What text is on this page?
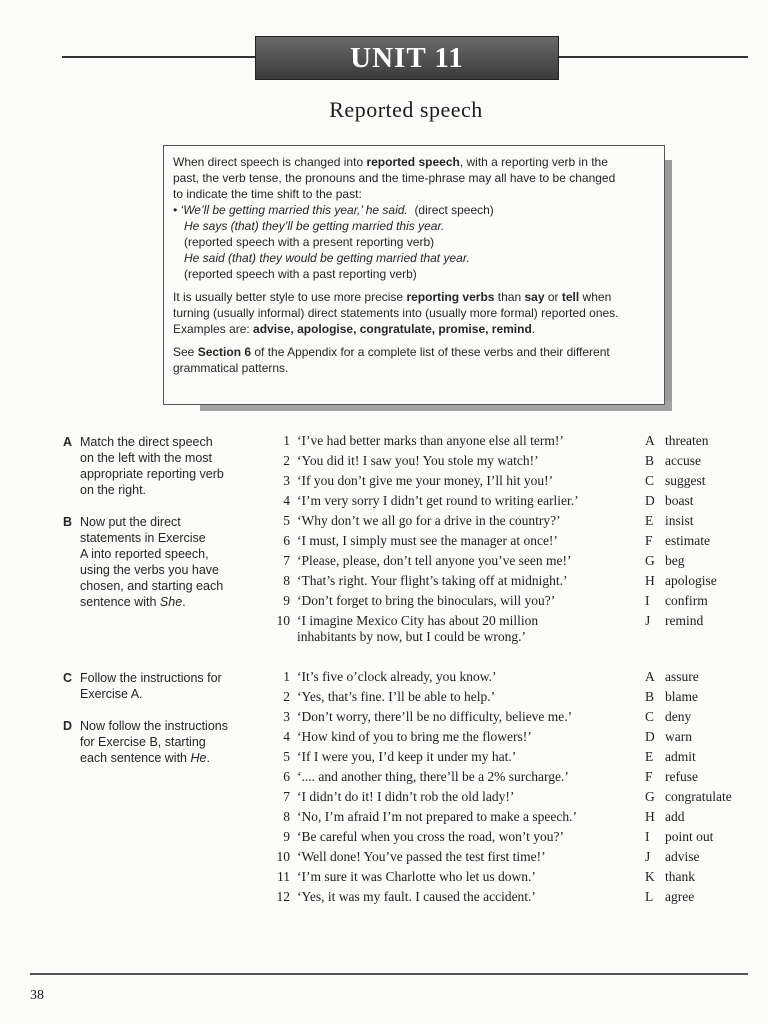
UNIT 11
Reported speech

When direct speech is changed into reported speech, with a reporting verb in the
past, the verb tense, the pronouns and the time-phrase may all have to be changed
to indicate the time shift to the past:
• ‘We’ll be getting married this year,’ he said. (direct speech)
He says (that) they’ll be getting married this year.
(reported speech with a present reporting verb)
He said (that) they would be getting married that year.
(reported speech with a past reporting verb)

It is usually better style to use more precise reporting verbs than say or tell when
turning (usually informal) direct statements into (usually more formal) reported ones.
Examples are: advise, apologise, congratulate, promise, remind.

See Section 6 of the Appendix for a complete list of these verbs and their different
grammatical patterns.

A Match the direct speech
on the left with the most
appropriate reporting verb
on the right.
B Now put the direct
statements in Exercise
A into reported speech,
using the verbs you have
chosen, and starting each
sentence with She.
C Follow the instructions for
Exercise A.
D Now follow the instructions
for Exercise B, starting
each sentence with He.
1 ‘I’ve had better marks than anyone else all term!’
2 ‘You did it! I saw you! You stole my watch!’
3 ‘If you don’t give me your money, I’ll hit you!’
4 ‘I’m very sorry I didn’t get round to writing earlier.’
5 ‘Why don’t we all go for a drive in the country?’
6 ‘I must, I simply must see the manager at once!’
7 ‘Please, please, don’t tell anyone you’ve seen me!’
8 ‘That’s right. Your flight’s taking off at midnight.’
9 ‘Don’t forget to bring the binoculars, will you?’
10 ‘I imagine Mexico City has about 20 million
inhabitants by now, but I could be wrong.’
A threaten
B accuse
C suggest
D boast
E insist
F estimate
G beg
H apologise
I confirm
J remind
1 ‘It’s five o’clock already, you know.’
2 ‘Yes, that’s fine. I’ll be able to help.’
3 ‘Don’t worry, there’ll be no difficulty, believe me.’
4 ‘How kind of you to bring me the flowers!’
5 ‘If I were you, I’d keep it under my hat.’
6 ‘.... and another thing, there’ll be a 2% surcharge.’
7 ‘I didn’t do it! I didn’t rob the old lady!’
8 ‘No, I’m afraid I’m not prepared to make a speech.’
9 ‘Be careful when you cross the road, won’t you?’
10 ‘Well done! You’ve passed the test first time!’
11 ‘I’m sure it was Charlotte who let us down.’
12 ‘Yes, it was my fault. I caused the accident.’
A assure
B blame
C deny
D warn
E admit
F refuse
G congratulate
H add
I point out
J advise
K thank
L agree
38
